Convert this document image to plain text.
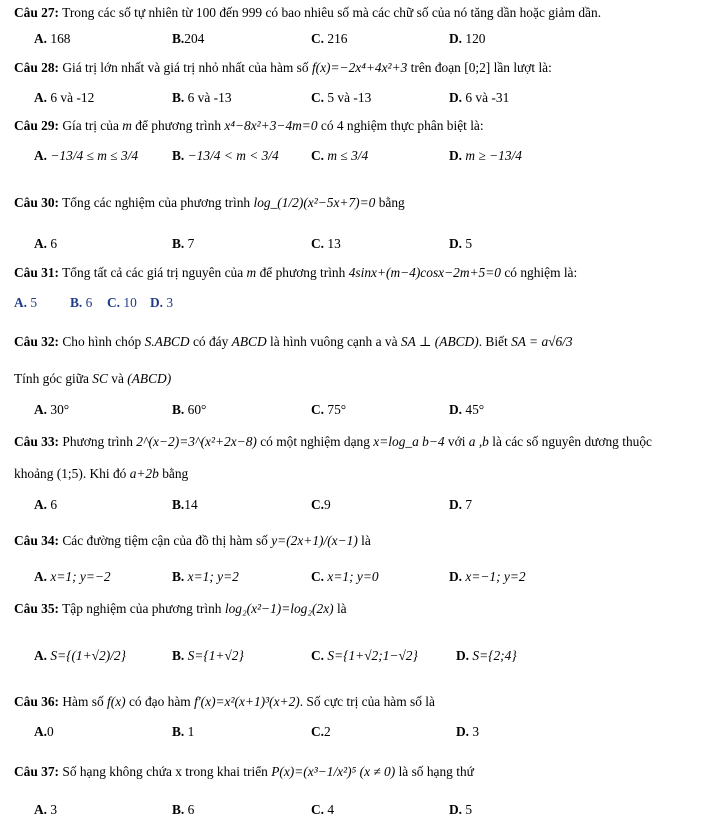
Câu 27: Trong các số tự nhiên từ 100 đến 999 có bao nhiêu số mà các chữ số của nó tăng dần hoặc giảm dần.
A. 168	B.204	C. 216	D. 120
Câu 28: Giá trị lớn nhất và giá trị nhỏ nhất của hàm số f(x)=−2x⁴+4x²+3 trên đoạn [0;2] lần lượt là:
A. 6 và -12	B. 6 và -13	C. 5 và -13	D. 6 và -31
Câu 29: Gía trị của m để phương trình x⁴−8x²+3−4m=0 có 4 nghiệm thực phân biệt là:
A. −13/4 ≤ m ≤ 3/4	B. −13/4 < m < 3/4 C. m ≤ 3/4	D. m ≥ −13/4
Câu 30: Tổng các nghiệm của phương trình log_(1/2)(x²−5x+7)=0 bằng
A. 6	B. 7	C. 13	D. 5
Câu 31: Tổng tất cả các giá trị nguyên của m để phương trình 4sinx+(m−4)cosx−2m+5=0 có nghiệm là:
A. 5 B. 6 C. 10 D. 3
Câu 32: Cho hình chóp S.ABCD có đáy ABCD là hình vuông cạnh a và SA ⊥ (ABCD). Biết SA = a√6/3
Tính góc giữa SC và (ABCD)
A. 30°	B. 60°	C. 75°	D. 45°
Câu 33: Phương trình 2^(x−2)=3^(x²+2x−8) có một nghiệm dạng x=log_a b−4 với a ,b là các số nguyên dương thuộc
khoảng (1;5). Khi đó a+2b bằng
A. 6	B.14	C.9	D. 7
Câu 34: Các đường tiệm cận của đồ thị hàm số y=(2x+1)/(x−1) là
A. x=1; y=−2	B. x=1; y=2	C. x=1; y=0	D. x=−1; y=2
Câu 35: Tập nghiệm của phương trình log₂(x²−1)=log₂(2x) là
A. S={(1+√2)/2}	B. S={1+√2}	C. S={1+√2;1−√2}	D. S={2;4}
Câu 36: Hàm số f(x) có đạo hàm f'(x)=x²(x+1)³(x+2). Số cực trị của hàm số là
A.0	B. 1	C.2	D. 3
Câu 37: Số hạng không chứa x trong khai triển P(x)=(x³−1/x²)⁵ (x ≠ 0) là số hạng thứ
A. 3	B. 6	C. 4	D. 5
